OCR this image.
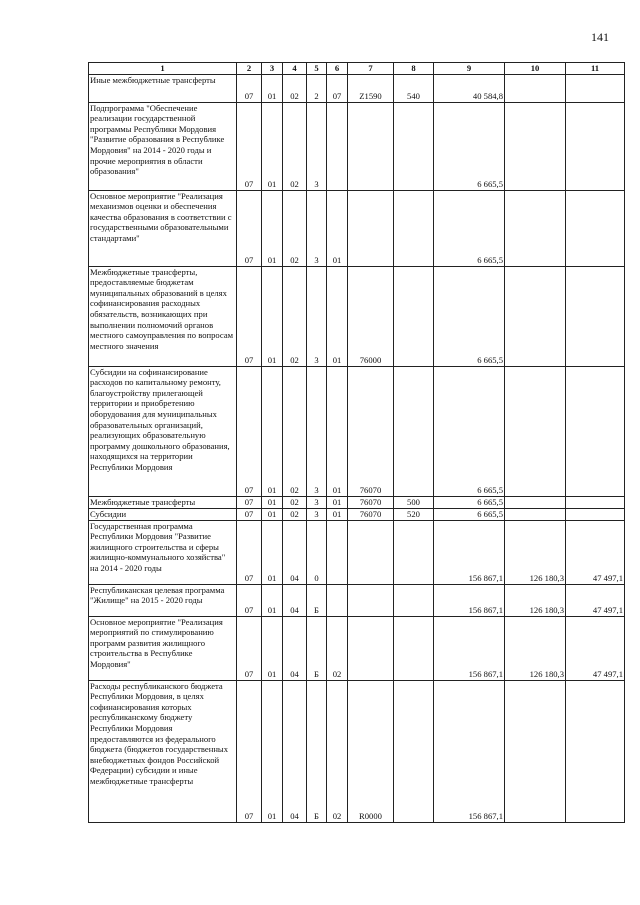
141
1	2	3	4	5	6	7	8	9	10	11
Иные межбюджетные трансферты	07	01	02	2	07	Z1590	540	40 584,8		
Подпрограмма "Обеспечение реализации государственной программы Республики Мордовия "Развитие образования в Республике Мордовия" на 2014 - 2020 годы и прочие мероприятия в области образования"	07	01	02	3				6 665,5		
Основное мероприятие "Реализация механизмов оценки и обеспечения качества образования в соответствии с государственными образовательными стандартами"	07	01	02	3	01			6 665,5		
Межбюджетные трансферты, предоставляемые бюджетам муниципальных образований в целях софинансирования расходных обязательств, возникающих при выполнении полномочий органов местного самоуправления по вопросам местного значения	07	01	02	3	01	76000		6 665,5		
Субсидии на софинансирование расходов по капитальному ремонту, благоустройству прилегающей территории и приобретению оборудования для муниципальных образовательных организаций, реализующих образовательную программу дошкольного образования, находящихся на территории Республики Мордовия	07	01	02	3	01	76070		6 665,5		
Межбюджетные трансферты	07	01	02	3	01	76070	500	6 665,5		
Субсидии	07	01	02	3	01	76070	520	6 665,5		
Государственная программа Республики Мордовия "Развитие жилищного строительства и сферы жилищно-коммунального хозяйства" на 2014 - 2020 годы	07	01	04	0				156 867,1	126 180,3	47 497,1
Республиканская целевая программа "Жилище" на 2015 - 2020 годы	07	01	04	Б				156 867,1	126 180,3	47 497,1
Основное мероприятие "Реализация мероприятий по стимулированию программ развития жилищного строительства в Республике Мордовия"	07	01	04	Б	02			156 867,1	126 180,3	47 497,1
Расходы республиканского бюджета Республики Мордовия, в целях софинансирования которых республиканскому бюджету Республики Мордовия предоставляются из федерального бюджета (бюджетов государственных внебюджетных фондов Российской Федерации) субсидии и иные межбюджетные трансферты	07	01	04	Б	02	R0000		156 867,1		
